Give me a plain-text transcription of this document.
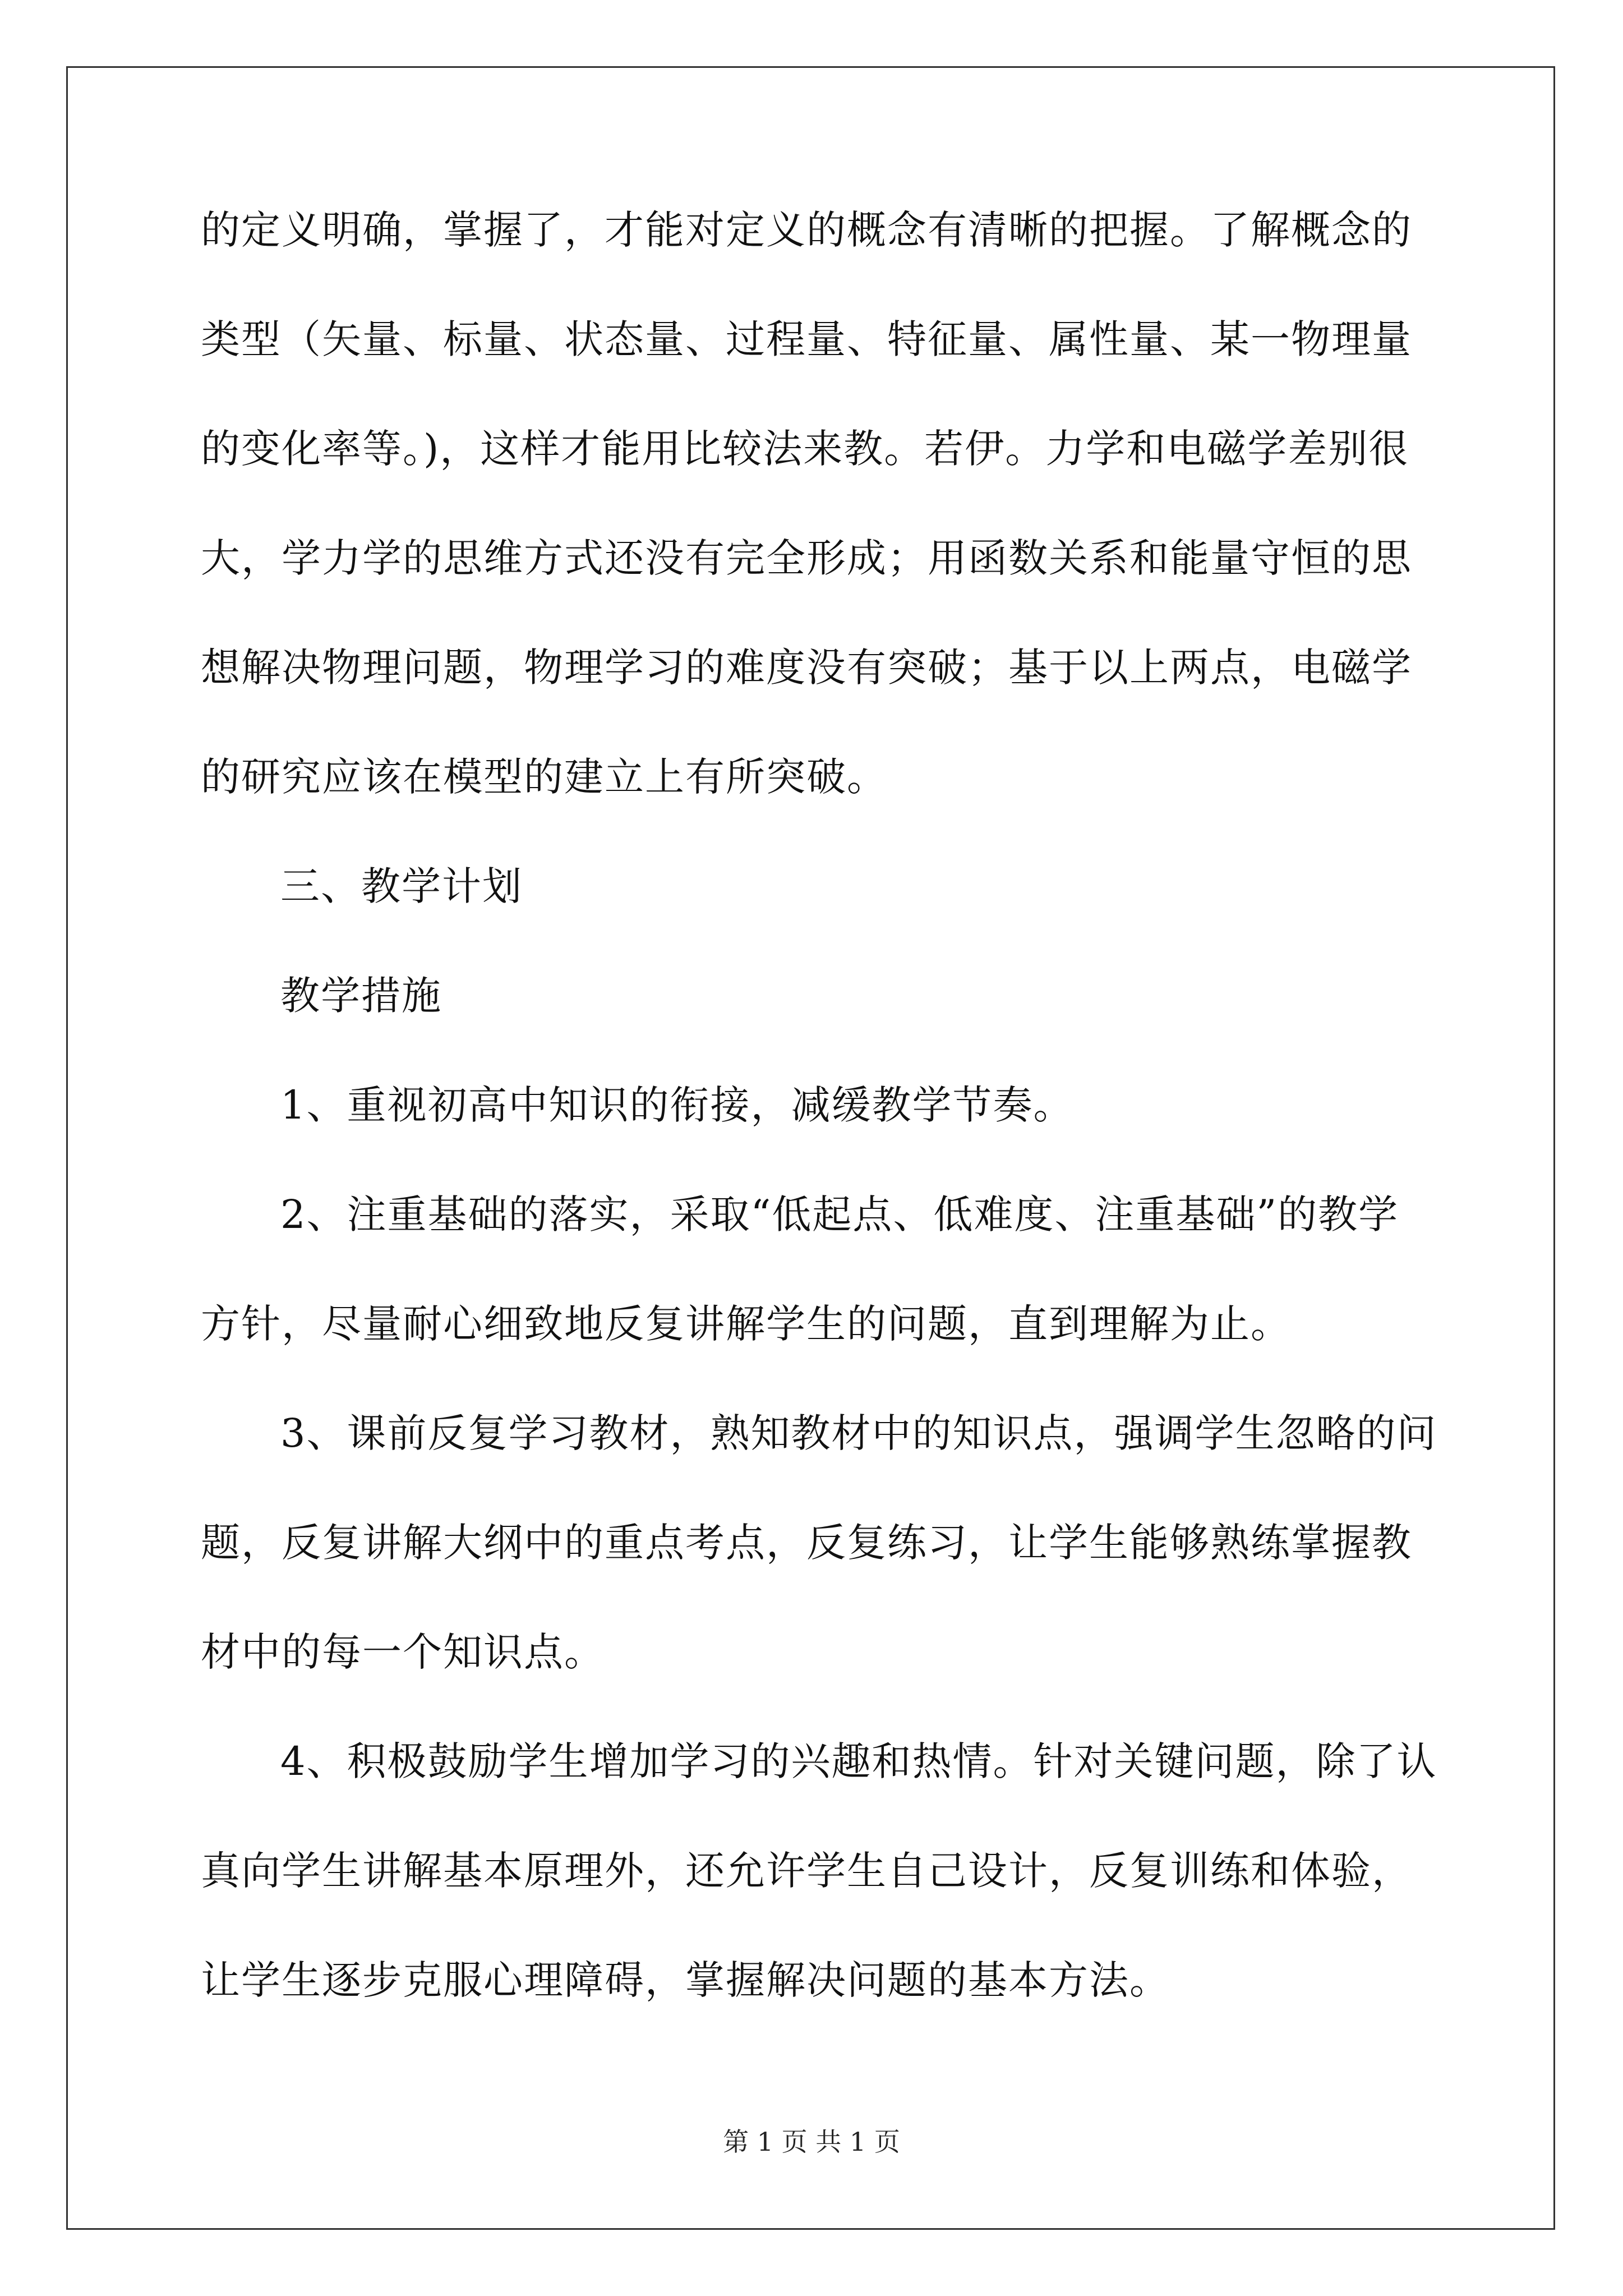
的定义明确，掌握了，才能对定义的概念有清晰的把握。了解概念的

类型（矢量、标量、状态量、过程量、特征量、属性量、某一物理量

的变化率等。)，这样才能用比较法来教。若伊。力学和电磁学差别很

大，学力学的思维方式还没有完全形成；用函数关系和能量守恒的思

想解决物理问题，物理学习的难度没有突破；基于以上两点，电磁学

的研究应该在模型的建立上有所突破。

三、教学计划

教学措施

1、重视初高中知识的衔接，减缓教学节奏。

2、注重基础的落实，采取“低起点、低难度、注重基础”的教学

方针，尽量耐心细致地反复讲解学生的问题，直到理解为止。

3、课前反复学习教材，熟知教材中的知识点，强调学生忽略的问

题，反复讲解大纲中的重点考点，反复练习，让学生能够熟练掌握教

材中的每一个知识点。

4、积极鼓励学生增加学习的兴趣和热情。针对关键问题，除了认

真向学生讲解基本原理外，还允许学生自己设计，反复训练和体验，

让学生逐步克服心理障碍，掌握解决问题的基本方法。

第 1 页 共 1 页
